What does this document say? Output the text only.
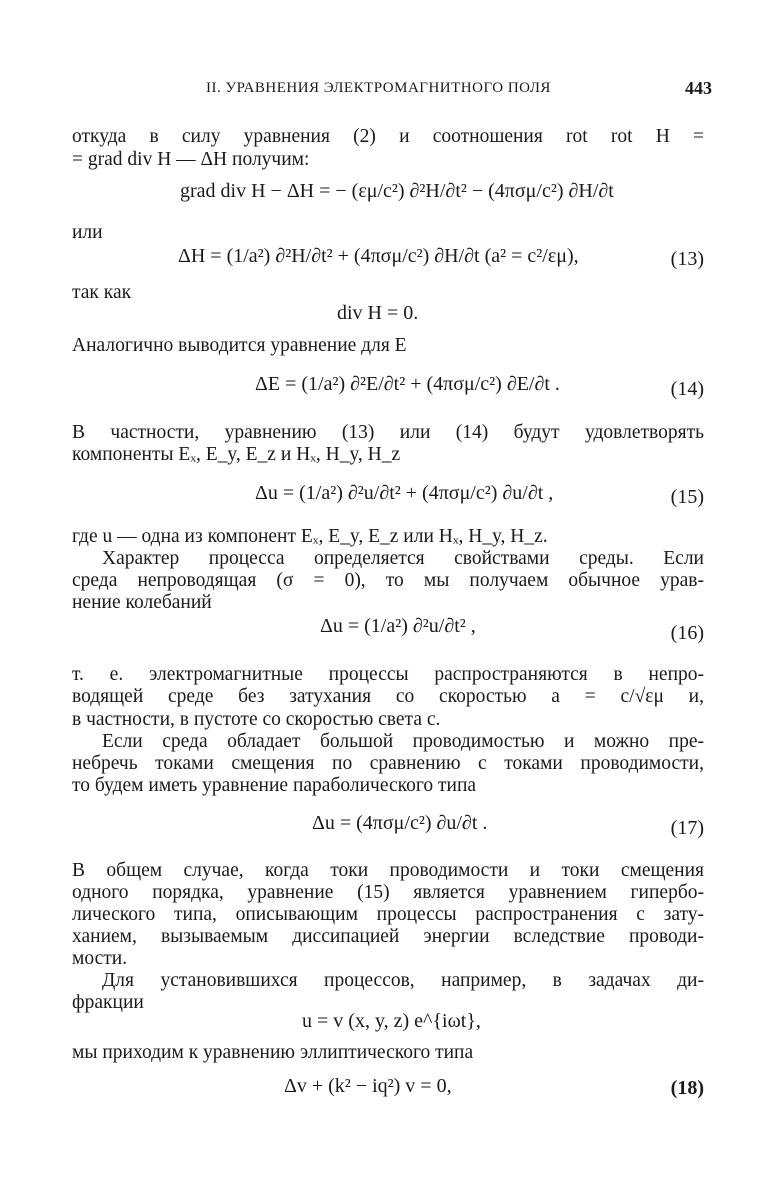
II. УРАВНЕНИЯ ЭЛЕКТРОМАГНИТНОГО ПОЛЯ	443
откуда в силу уравнения (2) и соотношения rot rot H =
= grad div H — ΔH получим:
grad div H − ΔH = − (εμ/c²) ∂²H/∂t² − (4πσμ/c²) ∂H/∂t
или
ΔH = (1/a²) ∂²H/∂t² + (4πσμ/c²) ∂H/∂t (a² = c²/εμ),	(13)
так как
div H = 0.
Аналогично выводится уравнение для E
ΔE = (1/a²) ∂²E/∂t² + (4πσμ/c²) ∂E/∂t .	(14)
В частности, уравнению (13) или (14) будут удовлетворять
компоненты Eₓ, E_y, E_z и Hₓ, H_y, H_z
Δu = (1/a²) ∂²u/∂t² + (4πσμ/c²) ∂u/∂t ,	(15)
где u — одна из компонент Eₓ, E_y, E_z или Hₓ, H_y, H_z.
Характер процесса определяется свойствами среды. Если
среда непроводящая (σ = 0), то мы получаем обычное урав-
нение колебаний
Δu = (1/a²) ∂²u/∂t² ,	(16)
т. е. электромагнитные процессы распространяются в непро-
водящей среде без затухания со скоростью a = c/√εμ и,
в частности, в пустоте со скоростью света c.
Если среда обладает большой проводимостью и можно пре-
небречь токами смещения по сравнению с токами проводимости,
то будем иметь уравнение параболического типа
Δu = (4πσμ/c²) ∂u/∂t .	(17)
В общем случае, когда токи проводимости и токи смещения
одного порядка, уравнение (15) является уравнением гипербо-
лического типа, описывающим процессы распространения с зату-
ханием, вызываемым диссипацией энергии вследствие проводи-
мости.
Для установившихся процессов, например, в задачах ди-
фракции
u = v (x, y, z) e^{iωt},
мы приходим к уравнению эллиптического типа
Δv + (k² − iq²) v = 0,	(18)
